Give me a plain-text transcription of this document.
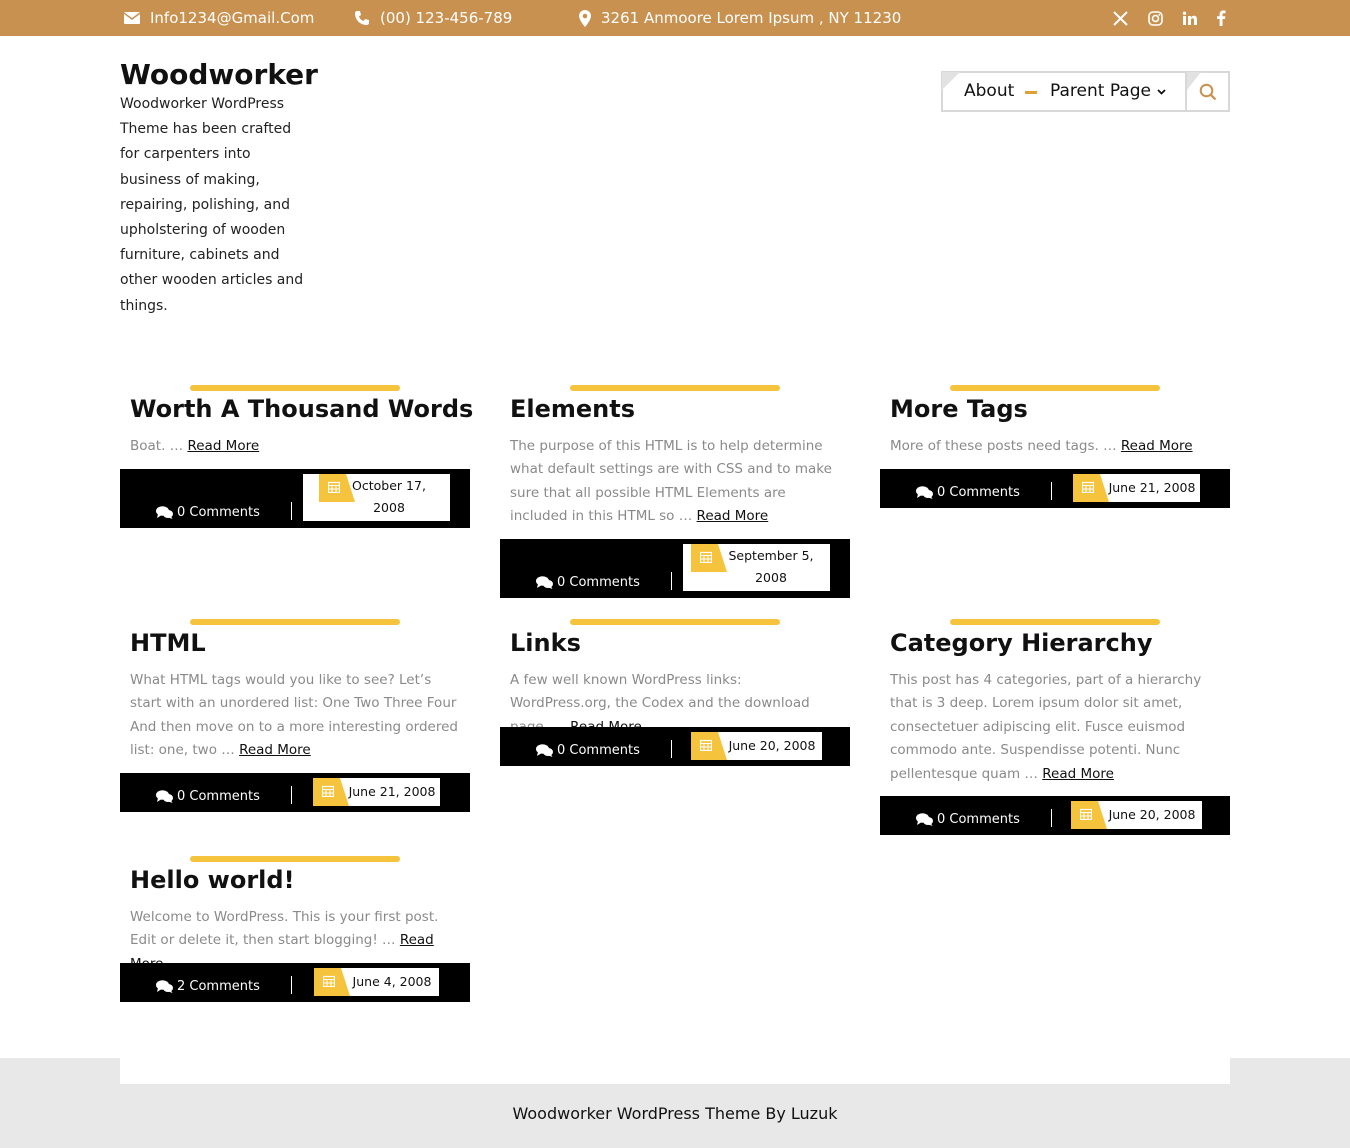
Info1234@Gmail.Com	(00) 123-456-789	3261 Anmoore Lorem Ipsum , NY 11230
Woodworker
Woodworker WordPress Theme has been crafted for carpenters into business of making, repairing, polishing, and upholstering of wooden furniture, cabinets and other wooden articles and things.
About Parent Page
Worth A Thousand Words
Boat. … Read More
0 Comments
October 17, 2008
Elements
The purpose of this HTML is to help determine what default settings are with CSS and to make sure that all possible HTML Elements are included in this HTML so … Read More
0 Comments
September 5, 2008
More Tags
More of these posts need tags. … Read More
0 Comments	June 21, 2008
HTML
What HTML tags would you like to see? Let’s start with an unordered list: One Two Three Four And then move on to a more interesting ordered list: one, two … Read More
0 Comments	June 21, 2008
Links
A few well known WordPress links: WordPress.org, the Codex and the download
0 Comments	June 20, 2008
Category Hierarchy
This post has 4 categories, part of a hierarchy that is 3 deep. Lorem ipsum dolor sit amet, consectetuer adipiscing elit. Fusce euismod commodo ante. Suspendisse potenti. Nunc pellentesque quam … Read More
0 Comments	June 20, 2008
Hello world!
Welcome to WordPress. This is your first post. Edit or delete it, then start blogging! … Read
2 Comments	June 4, 2008
Woodworker WordPress Theme By Luzuk
